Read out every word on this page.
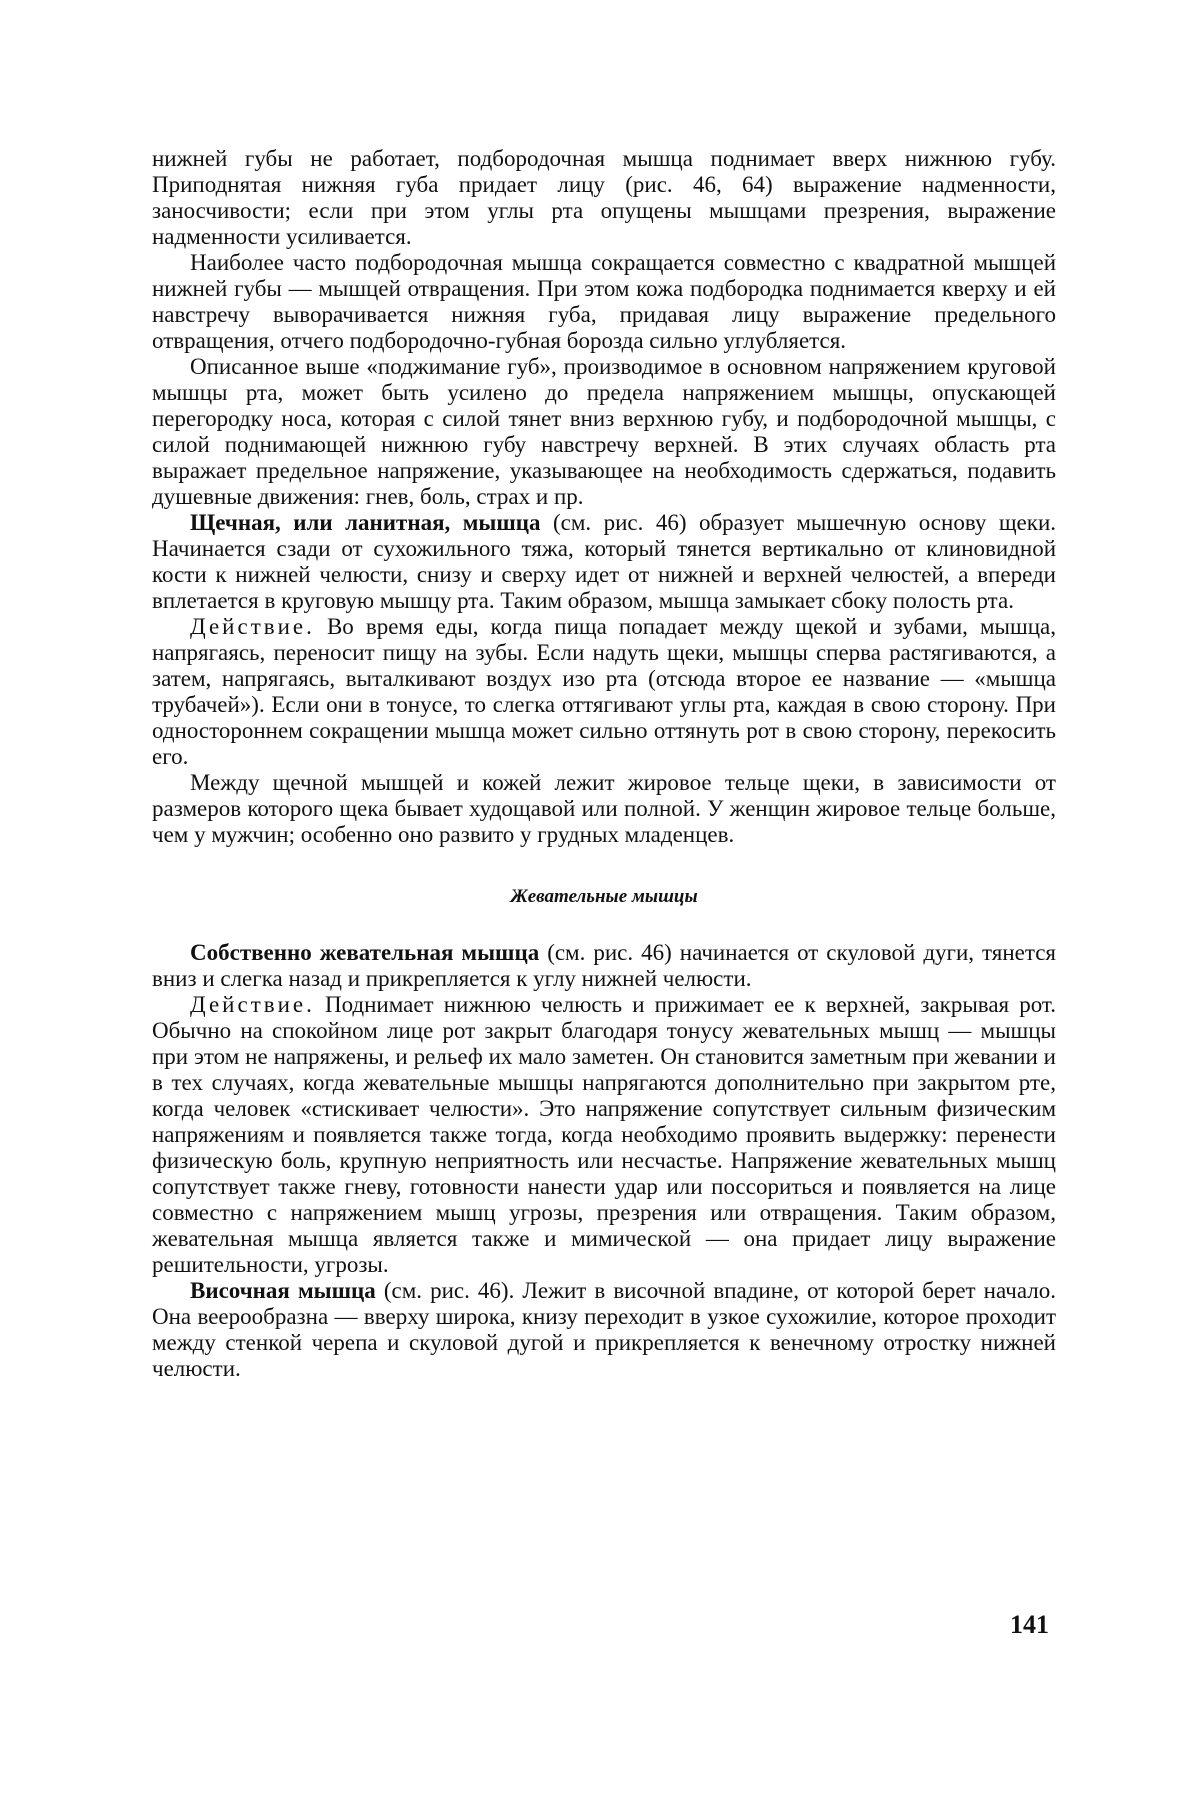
нижней губы не работает, подбородочная мышца поднимает вверх нижнюю губу. Приподнятая нижняя губа придает лицу (рис. 46, 64) выражение надменности, заносчивости; если при этом углы рта опущены мышцами презрения, выражение надменности усиливается.

Наиболее часто подбородочная мышца сокращается совместно с квадратной мышцей нижней губы — мышцей отвращения. При этом кожа подбородка поднимается кверху и ей навстречу выворачивается нижняя губа, придавая лицу выражение предельного отвращения, отчего подбородочно-губная борозда сильно углубляется.

Описанное выше «поджимание губ», производимое в основном напряжением круговой мышцы рта, может быть усилено до предела напряжением мышцы, опускающей перегородку носа, которая с силой тянет вниз верхнюю губу, и подбородочной мышцы, с силой поднимающей нижнюю губу навстречу верхней. В этих случаях область рта выражает предельное напряжение, указывающее на необходимость сдержаться, подавить душевные движения: гнев, боль, страх и пр.

Щечная, или ланитная, мышца (см. рис. 46) образует мышечную основу щеки. Начинается сзади от сухожильного тяжа, который тянется вертикально от клиновидной кости к нижней челюсти, снизу и сверху идет от нижней и верхней челюстей, а впереди вплетается в круговую мышцу рта. Таким образом, мышца замыкает сбоку полость рта.

Действие. Во время еды, когда пища попадает между щекой и зубами, мышца, напрягаясь, переносит пищу на зубы. Если надуть щеки, мышцы сперва растягиваются, а затем, напрягаясь, выталкивают воздух изо рта (отсюда второе ее название — «мышца трубачей»). Если они в тонусе, то слегка оттягивают углы рта, каждая в свою сторону. При одностороннем сокращении мышца может сильно оттянуть рот в свою сторону, перекосить его.

Между щечной мышцей и кожей лежит жировое тельце щеки, в зависимости от размеров которого щека бывает худощавой или полной. У женщин жировое тельце больше, чем у мужчин; особенно оно развито у грудных младенцев.

Жевательные мышцы

Собственно жевательная мышца (см. рис. 46) начинается от скуловой дуги, тянется вниз и слегка назад и прикрепляется к углу нижней челюсти.

Действие. Поднимает нижнюю челюсть и прижимает ее к верхней, закрывая рот. Обычно на спокойном лице рот закрыт благодаря тонусу жевательных мышц — мышцы при этом не напряжены, и рельеф их мало заметен. Он становится заметным при жевании и в тех случаях, когда жевательные мышцы напрягаются дополнительно при закрытом рте, когда человек «стискивает челюсти». Это напряжение сопутствует сильным физическим напряжениям и появляется также тогда, когда необходимо проявить выдержку: перенести физическую боль, крупную неприятность или несчастье. Напряжение жевательных мышц сопутствует также гневу, готовности нанести удар или поссориться и появляется на лице совместно с напряжением мышц угрозы, презрения или отвращения. Таким образом, жевательная мышца является также и мимической — она придает лицу выражение решительности, угрозы.

Височная мышца (см. рис. 46). Лежит в височной впадине, от которой берет начало. Она веерообразна — вверху широка, книзу переходит в узкое сухожилие, которое проходит между стенкой черепа и скуловой дугой и прикрепляется к венечному отростку нижней челюсти.

141
